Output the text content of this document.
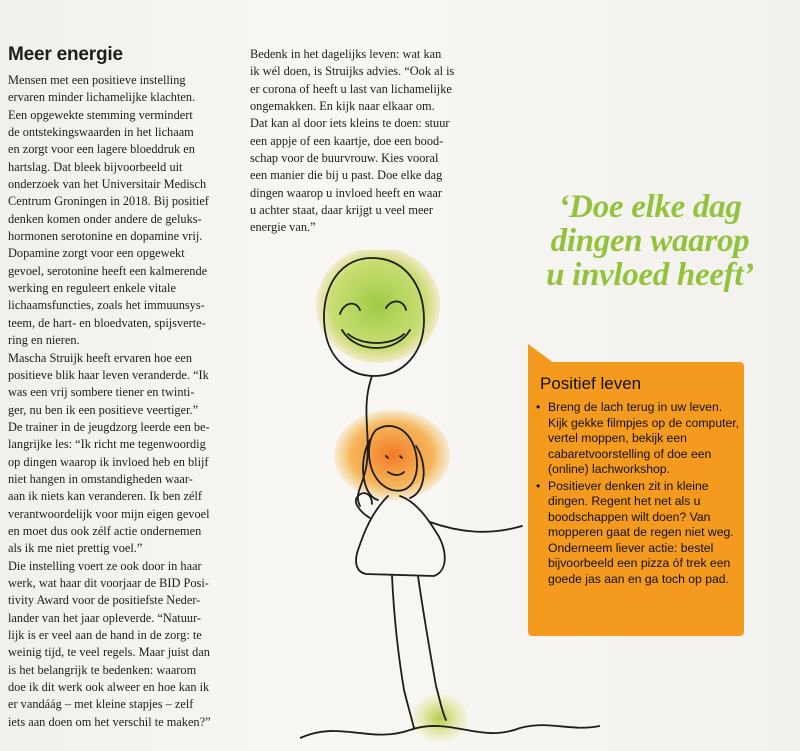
Meer energie

Mensen met een positieve instelling

ervaren minder lichamelijke klachten.

Een opgewekte stemming vermindert

de ontstekingswaarden in het lichaam

en zorgt voor een lagere bloeddruk en

hartslag. Dat bleek bijvoorbeeld uit

onderzoek van het Universitair Medisch

Centrum Groningen in 2018. Bij positief

denken komen onder andere de geluks-

hormonen serotonine en dopamine vrij.

Dopamine zorgt voor een opgewekt

gevoel, serotonine heeft een kalmerende

werking en reguleert enkele vitale

lichaamsfuncties, zoals het immuunsys-

teem, de hart- en bloedvaten, spijsverte-

ring en nieren.

Mascha Struijk heeft ervaren hoe een

positieve blik haar leven veranderde. “Ik

was een vrij sombere tiener en twinti-

ger, nu ben ik een positieve veertiger.”

De trainer in de jeugdzorg leerde een be-

langrijke les: “Ik richt me tegenwoordig

op dingen waarop ik invloed heb en blijf

niet hangen in omstandigheden waar-

aan ik niets kan veranderen. Ik ben zélf

verantwoordelijk voor mijn eigen gevoel

en moet dus ook zélf actie ondernemen

als ik me niet prettig voel.”

Die instelling voert ze ook door in haar

werk, wat haar dit voorjaar de BID Posi-

tivity Award voor de positiefste Neder-

lander van het jaar opleverde. “Natuur-

lijk is er veel aan de hand in de zorg: te

weinig tijd, te veel regels. Maar juist dan

is het belangrijk te bedenken: waarom

doe ik dit werk ook alweer en hoe kan ik

er vandáág – met kleine stapjes – zelf

iets aan doen om het verschil te maken?”

Bedenk in het dagelijks leven: wat kan

ik wél doen, is Struijks advies. “Ook al is

er corona of heeft u last van lichamelijke

ongemakken. En kijk naar elkaar om.

Dat kan al door iets kleins te doen: stuur

een appje of een kaartje, doe een bood-

schap voor de buurvrouw. Kies vooral

een manier die bij u past. Doe elke dag

dingen waarop u invloed heeft en waar

u achter staat, daar krijgt u veel meer

energie van.”

‘Doe elke dag
dingen waarop
u invloed heeft’
Positief leven
• Breng de lach terug in uw leven. Kijk gekke filmpjes op de computer, vertel moppen, bekijk een cabaretvoorstelling of doe een (online) lachworkshop.
• Positiever denken zit in kleine dingen. Regent het net als u boodschappen wilt doen? Van mopperen gaat de regen niet weg. Onderneem liever actie: bestel bijvoorbeeld een pizza óf trek een goede jas aan en ga toch op pad.
